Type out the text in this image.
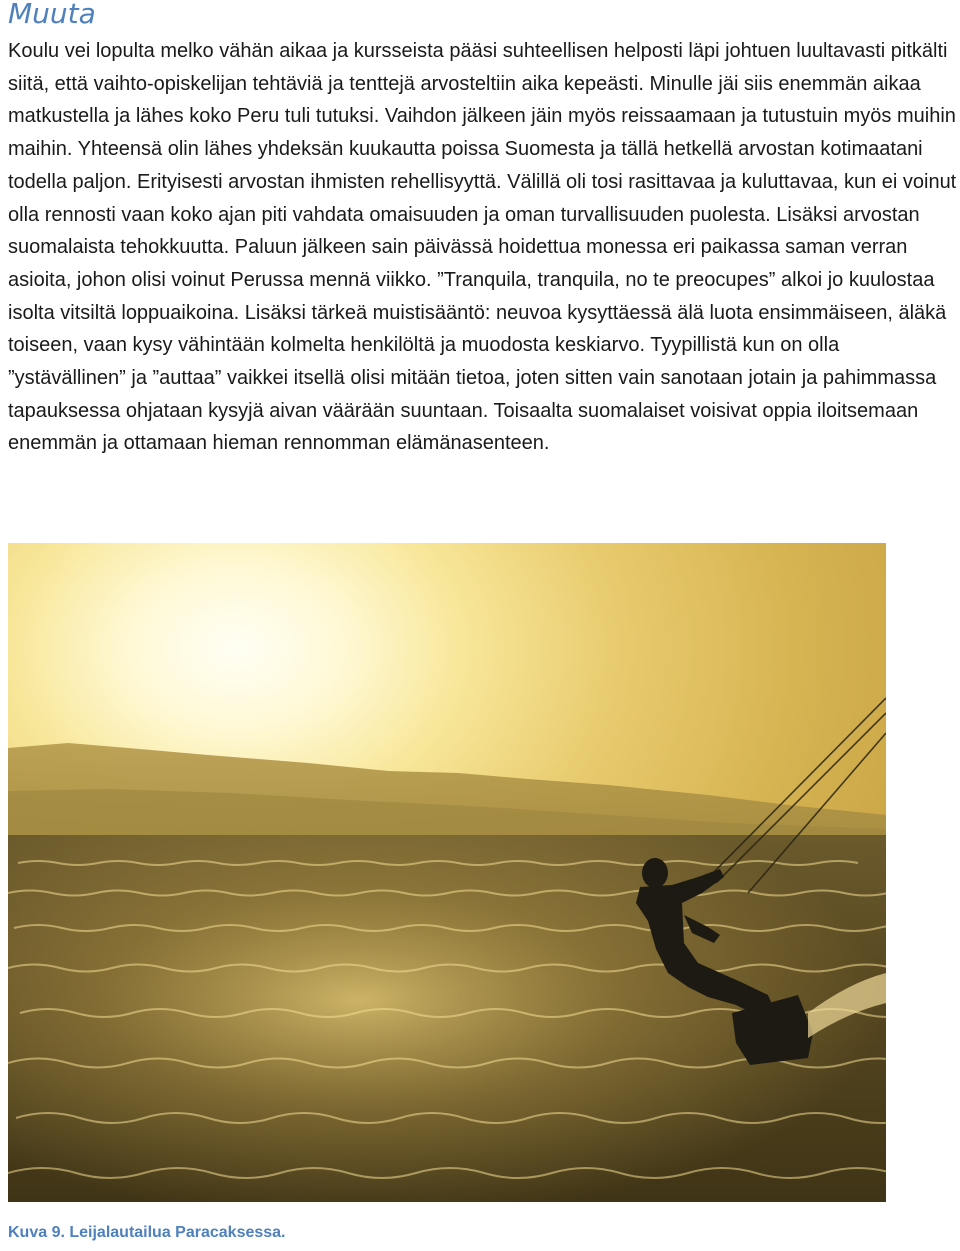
Muuta

Koulu vei lopulta melko vähän aikaa ja kursseista pääsi suhteellisen helposti läpi johtuen luultavasti pitkälti siitä, että vaihto-opiskelijan tehtäviä ja tenttejä arvosteltiin aika kepeästi. Minulle jäi siis enemmän aikaa matkustella ja lähes koko Peru tuli tutuksi. Vaihdon jälkeen jäin myös reissaamaan ja tutustuin myös muihin maihin. Yhteensä olin lähes yhdeksän kuukautta poissa Suomesta ja tällä hetkellä arvostan kotimaatani todella paljon. Erityisesti arvostan ihmisten rehellisyyttä. Välillä oli tosi rasittavaa ja kuluttavaa, kun ei voinut olla rennosti vaan koko ajan piti vahdata omaisuuden ja oman turvallisuuden puolesta. Lisäksi arvostan suomalaista tehokkuutta. Paluun jälkeen sain päivässä hoidettua monessa eri paikassa saman verran asioita, johon olisi voinut Perussa mennä viikko. ”Tranquila, tranquila, no te preocupes” alkoi jo kuulostaa isolta vitsiltä loppuaikoina. Lisäksi tärkeä muistisääntö: neuvoa kysyttäessä älä luota ensimmäiseen, äläkä toiseen, vaan kysy vähintään kolmelta henkilöltä ja muodosta keskiarvo. Tyypillistä kun on olla ”ystävällinen” ja ”auttaa” vaikkei itsellä olisi mitään tietoa, joten sitten vain sanotaan jotain ja pahimmassa tapauksessa ohjataan kysyjä aivan väärään suuntaan. Toisaalta suomalaiset voisivat oppia iloitsemaan enemmän ja ottamaan hieman rennomman elämänasenteen.

Kuva 9. Leijalautailua Paracaksessa.
